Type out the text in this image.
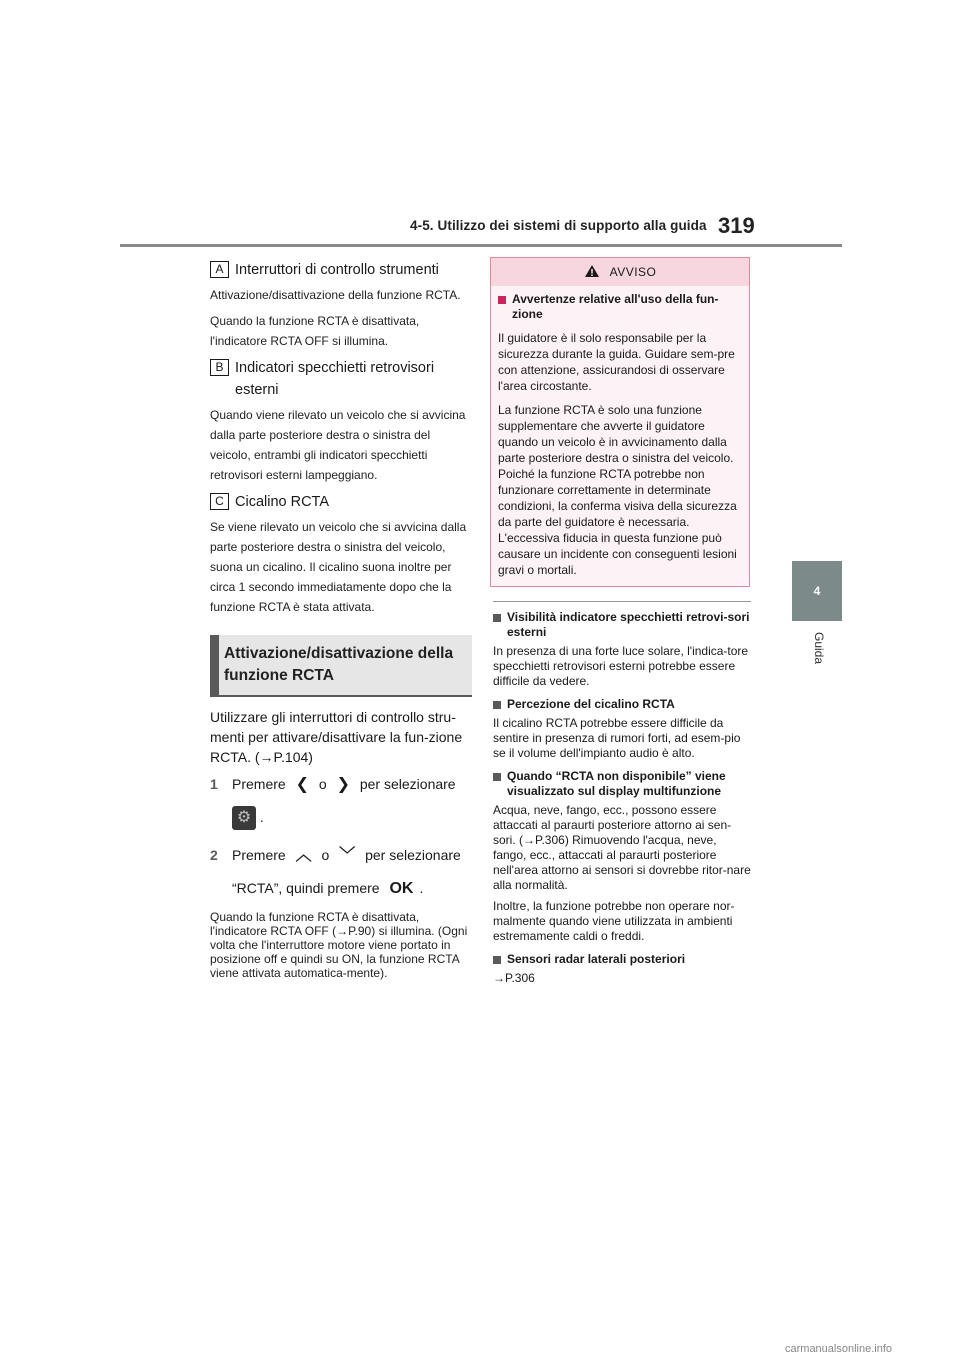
4-5. Utilizzo dei sistemi di supporto alla guida 319
4
Guida
A Interruttori di controllo strumenti
Attivazione/disattivazione della funzione RCTA.
Quando la funzione RCTA è disattivata, l'indicatore RCTA OFF si illumina.
B Indicatori specchietti retrovisori esterni
Quando viene rilevato un veicolo che si avvicina dalla parte posteriore destra o sinistra del veicolo, entrambi gli indicatori specchietti retrovisori esterni lampeggiano.
C Cicalino RCTA
Se viene rilevato un veicolo che si avvicina dalla parte posteriore destra o sinistra del veicolo, suona un cicalino. Il cicalino suona inoltre per circa 1 secondo immediatamente dopo che la funzione RCTA è stata attivata.
Attivazione/disattivazione della funzione RCTA
Utilizzare gli interruttori di controllo stru-menti per attivare/disattivare la fun-zione RCTA. (→P.104)
1	Premere ❮ o ❯ per selezionare
⚙ .
2	Premere ︿ o ﹀ per selezionare
“RCTA”, quindi premere OK .
Quando la funzione RCTA è disattivata, l'indicatore RCTA OFF (→P.90) si illumina. (Ogni volta che l'interruttore motore viene portato in posizione off e quindi su ON, la funzione RCTA viene attivata automatica-mente).
AVVISO
Avvertenze relative all'uso della fun-zione
Il guidatore è il solo responsabile per la sicurezza durante la guida. Guidare sem-pre con attenzione, assicurandosi di osservare l'area circostante.
La funzione RCTA è solo una funzione supplementare che avverte il guidatore quando un veicolo è in avvicinamento dalla parte posteriore destra o sinistra del veicolo. Poiché la funzione RCTA potrebbe non funzionare correttamente in determinate condizioni, la conferma visiva della sicurezza da parte del guidatore è necessaria. L'eccessiva fiducia in questa funzione può causare un incidente con conseguenti lesioni gravi o mortali.
Visibilità indicatore specchietti retrovi-sori esterni
In presenza di una forte luce solare, l'indica-tore specchietti retrovisori esterni potrebbe essere difficile da vedere.
Percezione del cicalino RCTA
Il cicalino RCTA potrebbe essere difficile da sentire in presenza di rumori forti, ad esem-pio se il volume dell'impianto audio è alto.
Quando “RCTA non disponibile” viene visualizzato sul display multifunzione
Acqua, neve, fango, ecc., possono essere attaccati al paraurti posteriore attorno ai sen-sori. (→P.306) Rimuovendo l'acqua, neve, fango, ecc., attaccati al paraurti posteriore nell'area attorno ai sensori si dovrebbe ritor-nare alla normalità.
Inoltre, la funzione potrebbe non operare nor-malmente quando viene utilizzata in ambienti estremamente caldi o freddi.
Sensori radar laterali posteriori
→P.306
carmanualsonline.info
